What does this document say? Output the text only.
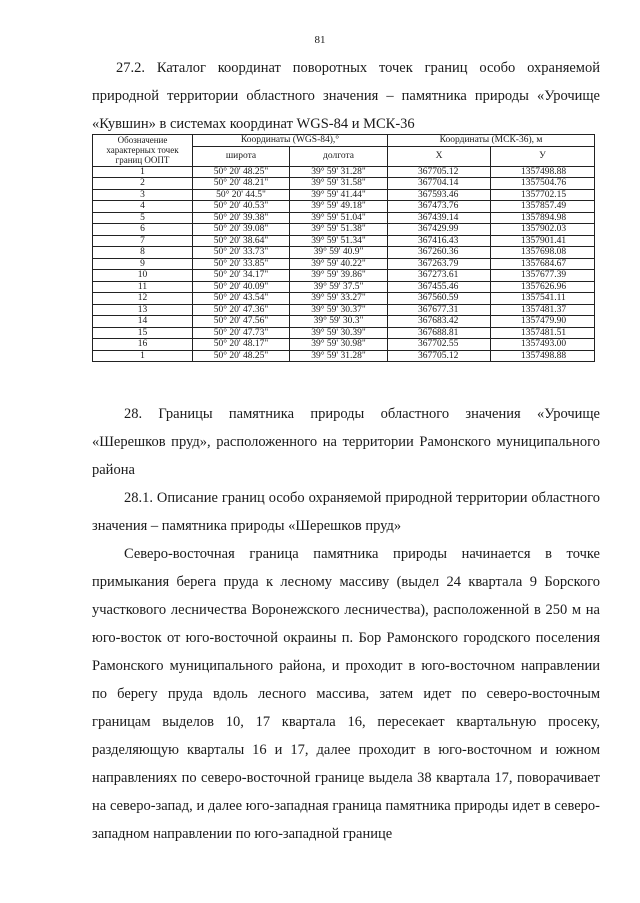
81

27.2. Каталог координат поворотных точек границ особо охраняемой природной территории областного значения – памятника природы «Урочище «Кувшин» в системах координат WGS-84 и МСК-36

Обозначение характерных точек границ ООПТ	Координаты (WGS-84),°		Координаты (МСК-36), м	
	широта	долгота	X	У
1	50° 20' 48.25"	39° 59' 31.28"	367705.12	1357498.88
2	50° 20' 48.21"	39° 59' 31.58"	367704.14	1357504.76
3	50° 20' 44.5"	39° 59' 41.44"	367593.46	1357702.15
4	50° 20' 40.53"	39° 59' 49.18"	367473.76	1357857.49
5	50° 20' 39.38"	39° 59' 51.04"	367439.14	1357894.98
6	50° 20' 39.08"	39° 59' 51.38"	367429.99	1357902.03
7	50° 20' 38.64"	39° 59' 51.34"	367416.43	1357901.41
8	50° 20' 33.73"	39° 59' 40.9"	367260.36	1357698.08
9	50° 20' 33.85"	39° 59' 40.22"	367263.79	1357684.67
10	50° 20' 34.17"	39° 59' 39.86"	367273.61	1357677.39
11	50° 20' 40.09"	39° 59' 37.5"	367455.46	1357626.96
12	50° 20' 43.54"	39° 59' 33.27"	367560.59	1357541.11
13	50° 20' 47.36"	39° 59' 30.37"	367677.31	1357481.37
14	50° 20' 47.56"	39° 59' 30.3"	367683.42	1357479.90
15	50° 20' 47.73"	39° 59' 30.39"	367688.81	1357481.51
16	50° 20' 48.17"	39° 59' 30.98"	367702.55	1357493.00
1	50° 20' 48.25"	39° 59' 31.28"	367705.12	1357498.88

28. Границы памятника природы областного значения «Урочище «Шерешков пруд», расположенного на территории Рамонского муниципального района

28.1. Описание границ особо охраняемой природной территории областного значения – памятника природы «Шерешков пруд»

Северо-восточная граница памятника природы начинается в точке примыкания берега пруда к лесному массиву (выдел 24 квартала 9 Борского участкового лесничества Воронежского лесничества), расположенной в 250 м на юго-восток от юго-восточной окраины п. Бор Рамонского городского поселения Рамонского муниципального района, и проходит в юго-восточном направлении по берегу пруда вдоль лесного массива, затем идет по северо-восточным границам выделов 10, 17 квартала 16, пересекает квартальную просеку, разделяющую кварталы 16 и 17, далее проходит в юго-восточном и южном направлениях по северо-восточной границе выдела 38 квартала 17, поворачивает на северо-запад, и далее юго-западная граница памятника природы идет в северо-западном направлении по юго-западной границе
